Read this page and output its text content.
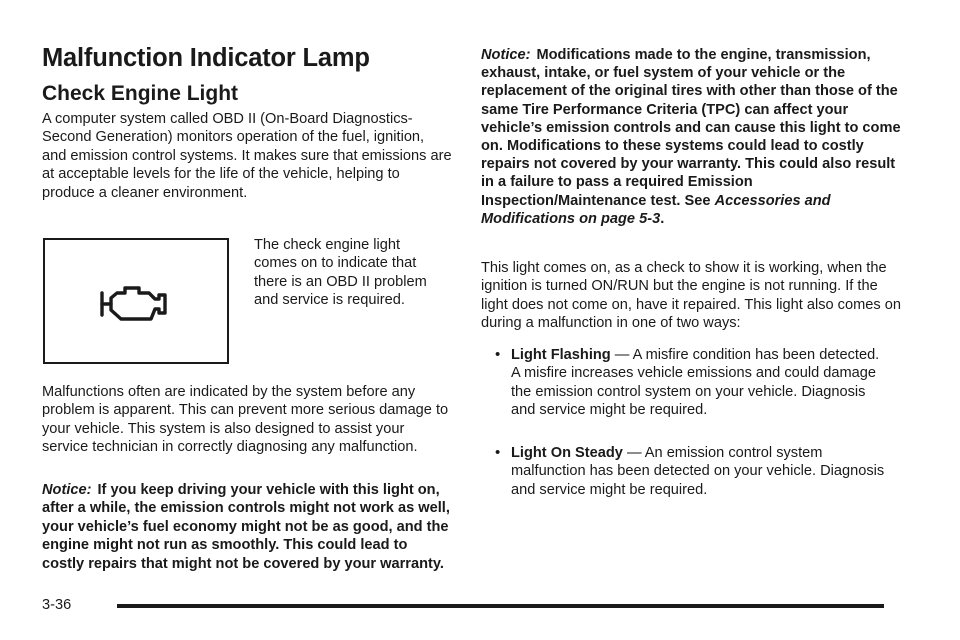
Malfunction Indicator Lamp
Check Engine Light

A computer system called OBD II (On-Board Diagnostics-Second Generation) monitors operation of the fuel, ignition, and emission control systems. It makes sure that emissions are at acceptable levels for the life of the vehicle, helping to produce a cleaner environment.

The check engine light comes on to indicate that there is an OBD II problem and service is required.

Malfunctions often are indicated by the system before any problem is apparent. This can prevent more serious damage to your vehicle. This system is also designed to assist your service technician in correctly diagnosing any malfunction.

Notice: If you keep driving your vehicle with this light on, after a while, the emission controls might not work as well, your vehicle’s fuel economy might not be as good, and the engine might not run as smoothly. This could lead to costly repairs that might not be covered by your warranty.

Notice: Modifications made to the engine, transmission, exhaust, intake, or fuel system of your vehicle or the replacement of the original tires with other than those of the same Tire Performance Criteria (TPC) can affect your vehicle’s emission controls and can cause this light to come on. Modifications to these systems could lead to costly repairs not covered by your warranty. This could also result in a failure to pass a required Emission Inspection/Maintenance test. See Accessories and Modifications on page 5-3.

This light comes on, as a check to show it is working, when the ignition is turned ON/RUN but the engine is not running. If the light does not come on, have it repaired. This light also comes on during a malfunction in one of two ways:

• Light Flashing — A misfire condition has been detected. A misfire increases vehicle emissions and could damage the emission control system on your vehicle. Diagnosis and service might be required.
• Light On Steady — An emission control system malfunction has been detected on your vehicle. Diagnosis and service might be required.
3-36
